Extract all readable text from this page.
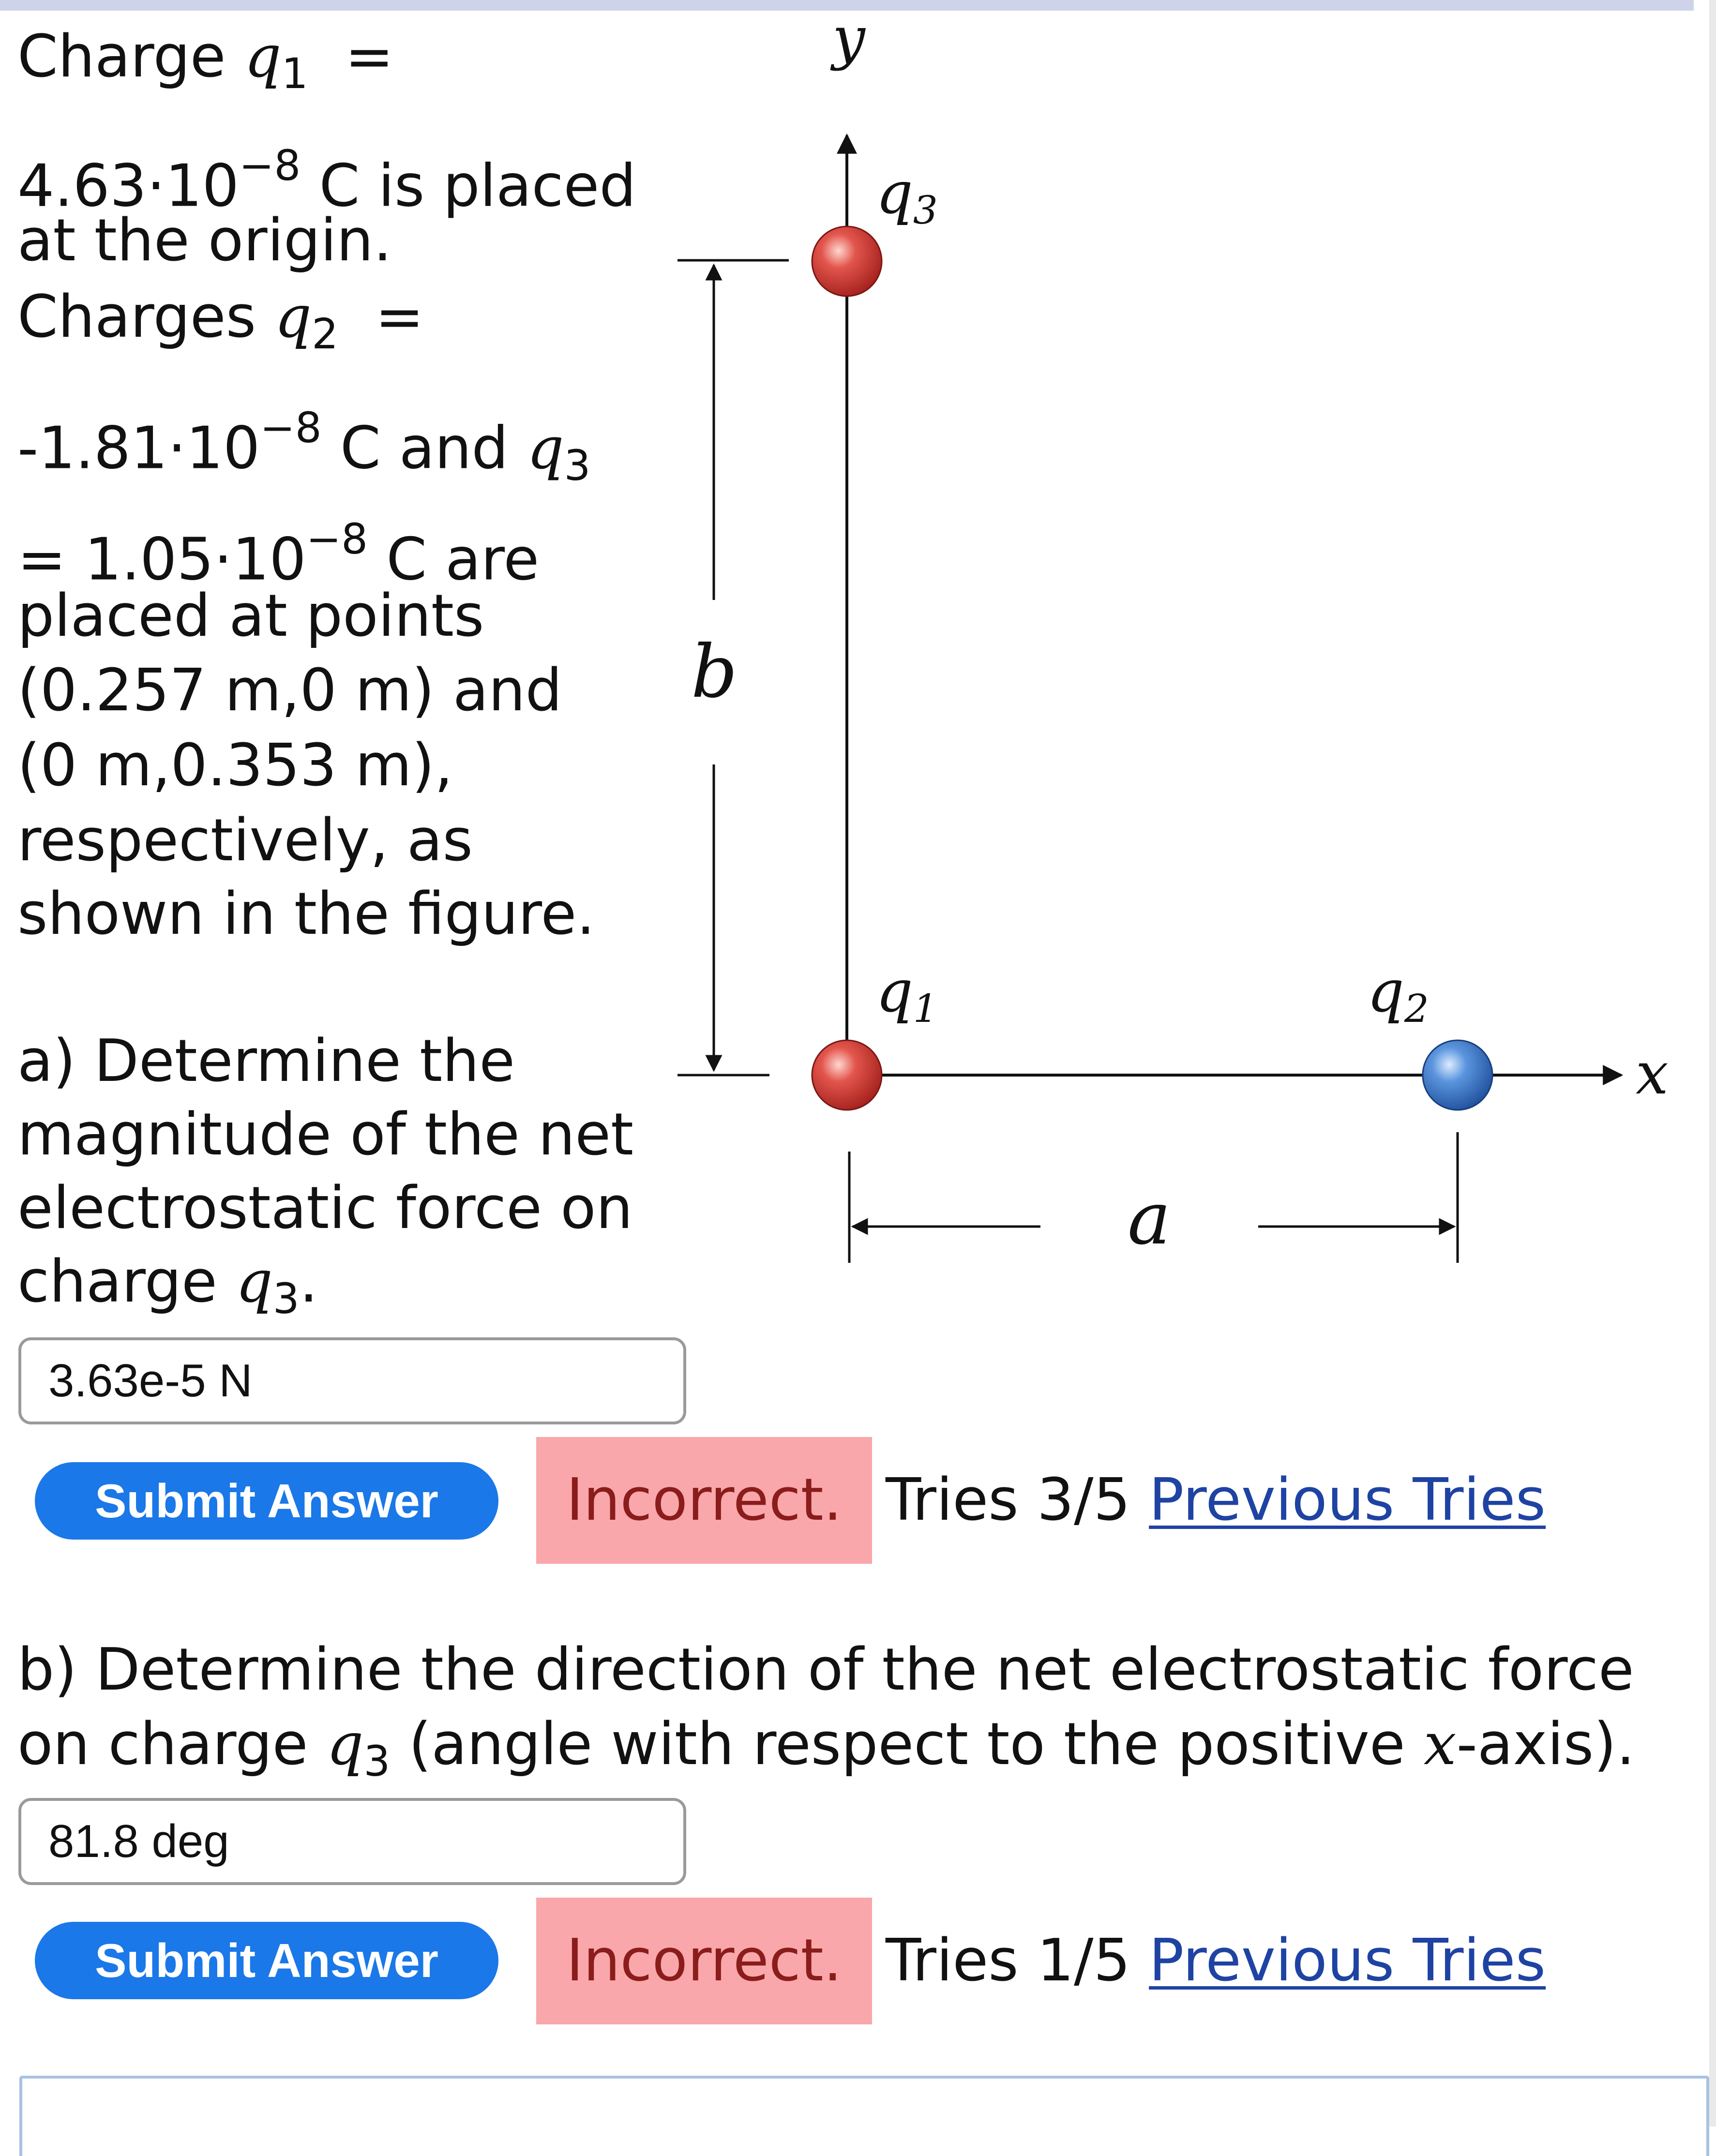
Charge $q_1$ =
$4.63\cdot 10^{-8}$ C is placed
at the origin.
Charges $q_2$ =
$-1.81\cdot 10^{-8}$ C and $q_3$
= $1.05\cdot 10^{-8}$ C are
placed at points
(0.257 m,0 m) and
(0 m,0.353 m),
respectively, as
shown in the figure.
a) Determine the
magnitude of the net
electrostatic force on
charge $q_3$.
3.63e-5 N
Submit Answer	Incorrect. Tries 3/5 Previous Tries
b) Determine the direction of the net electrostatic force
on charge $q_3$ (angle with respect to the positive x-axis).
81.8 deg
Submit Answer	Incorrect. Tries 1/5 Previous Tries
y
x
b
a
q3
q1	q2
